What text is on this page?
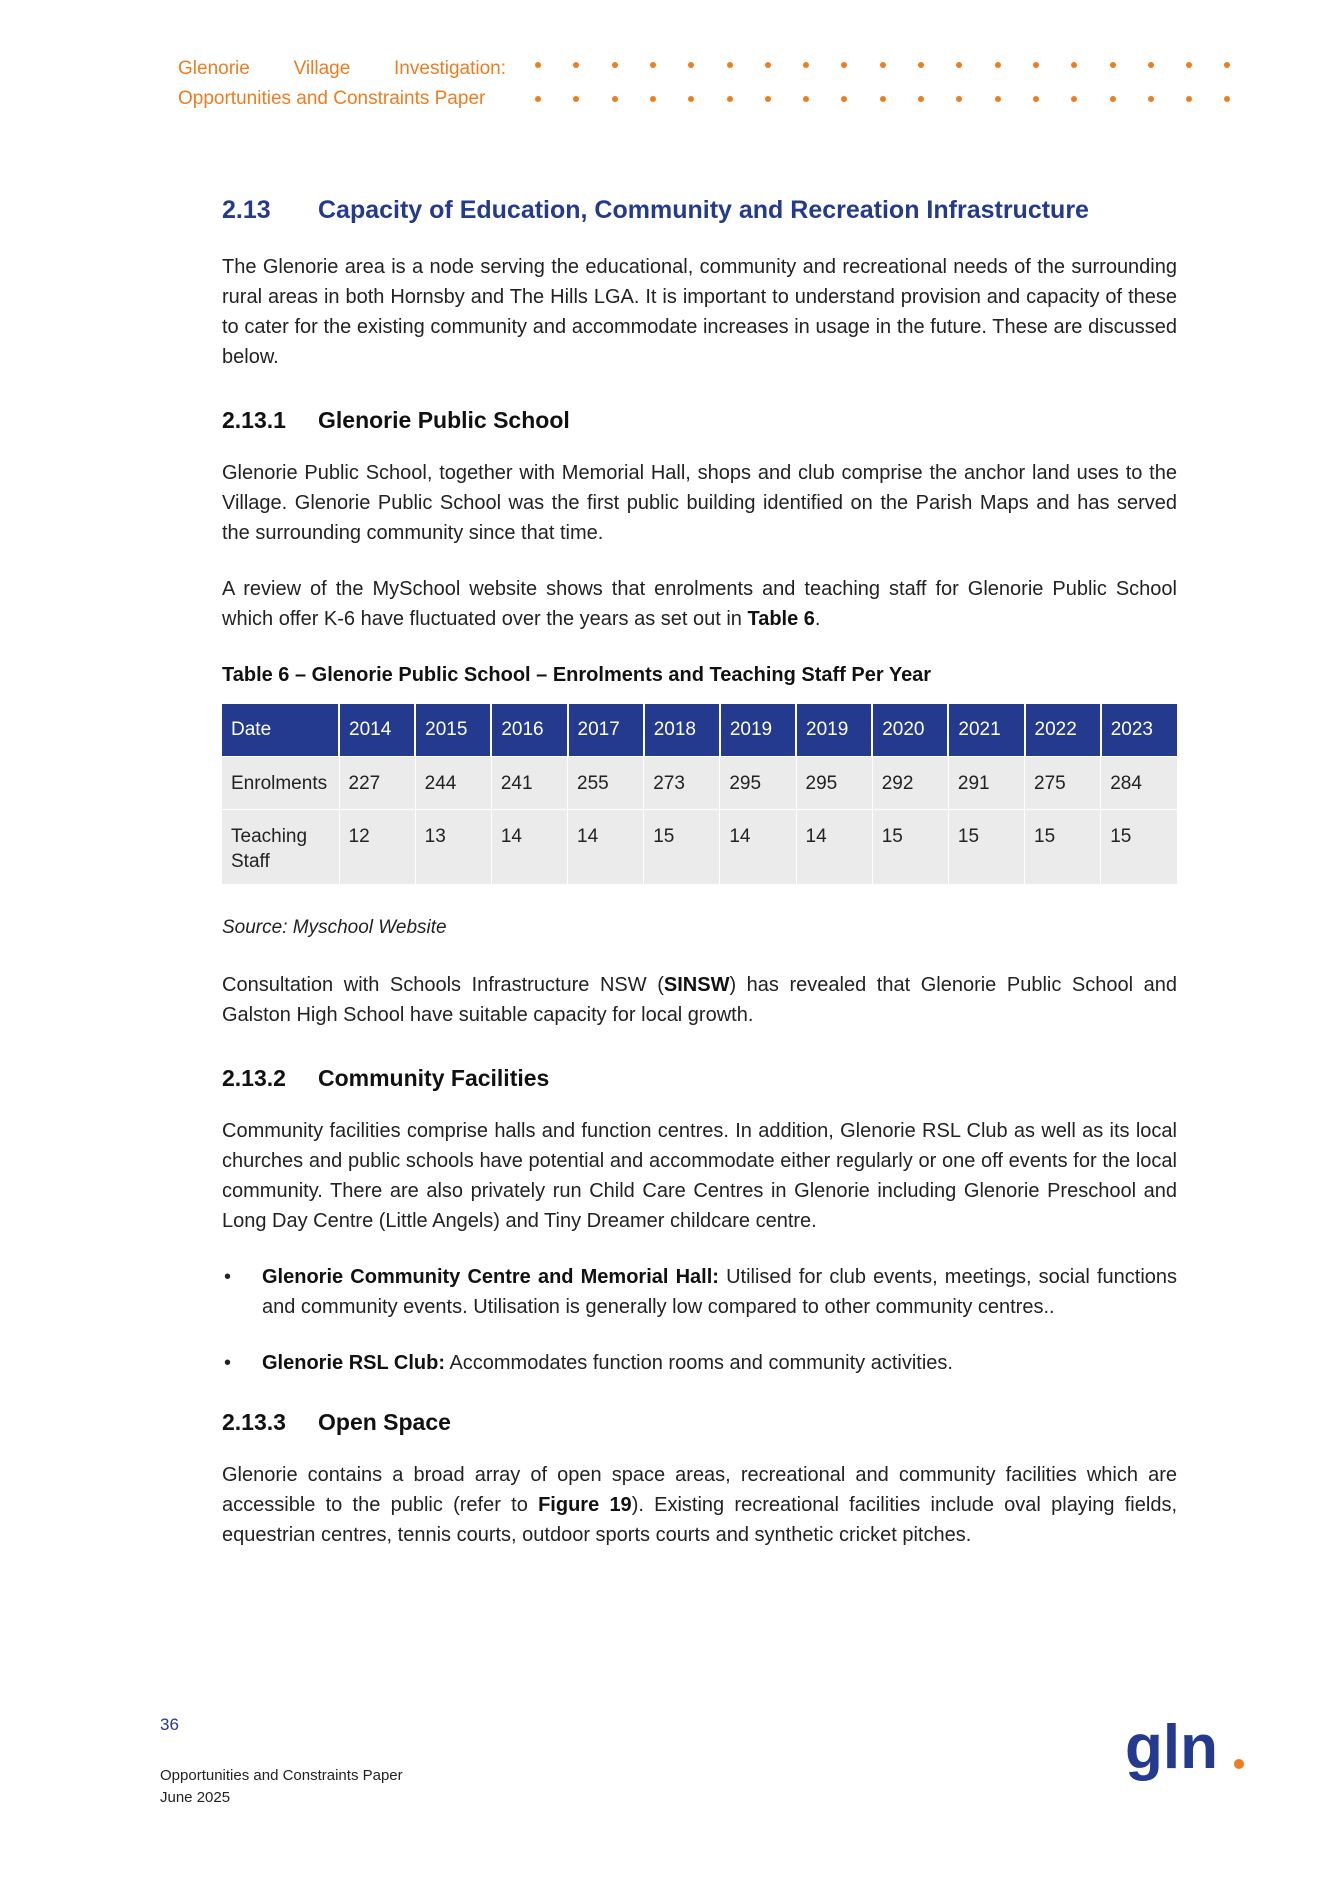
Glenorie Village Investigation:
Opportunities and Constraints Paper
2.13 Capacity of Education, Community and Recreation Infrastructure

The Glenorie area is a node serving the educational, community and recreational needs of the surrounding rural areas in both Hornsby and The Hills LGA. It is important to understand provision and capacity of these to cater for the existing community and accommodate increases in usage in the future. These are discussed below.

2.13.1 Glenorie Public School

Glenorie Public School, together with Memorial Hall, shops and club comprise the anchor land uses to the Village. Glenorie Public School was the first public building identified on the Parish Maps and has served the surrounding community since that time.

A review of the MySchool website shows that enrolments and teaching staff for Glenorie Public School which offer K-6 have fluctuated over the years as set out in Table 6.

Table 6 – Glenorie Public School – Enrolments and Teaching Staff Per Year
Date	2014	2015	2016	2017	2018	2019	2019	2020	2021	2022	2023
Enrolments	227	244	241	255	273	295	295	292	291	275	284
Teaching Staff	12	13	14	14	15	14	14	15	15	15	15
Source: Myschool Website

Consultation with Schools Infrastructure NSW (SINSW) has revealed that Glenorie Public School and Galston High School have suitable capacity for local growth.

2.13.2 Community Facilities

Community facilities comprise halls and function centres. In addition, Glenorie RSL Club as well as its local churches and public schools have potential and accommodate either regularly or one off events for the local community. There are also privately run Child Care Centres in Glenorie including Glenorie Preschool and Long Day Centre (Little Angels) and Tiny Dreamer childcare centre.

• Glenorie Community Centre and Memorial Hall: Utilised for club events, meetings, social functions and community events. Utilisation is generally low compared to other community centres..
• Glenorie RSL Club: Accommodates function rooms and community activities.
2.13.3 Open Space

Glenorie contains a broad array of open space areas, recreational and community facilities which are accessible to the public (refer to Figure 19). Existing recreational facilities include oval playing fields, equestrian centres, tennis courts, outdoor sports courts and synthetic cricket pitches.

36
Opportunities and Constraints Paper
June 2025
gln
